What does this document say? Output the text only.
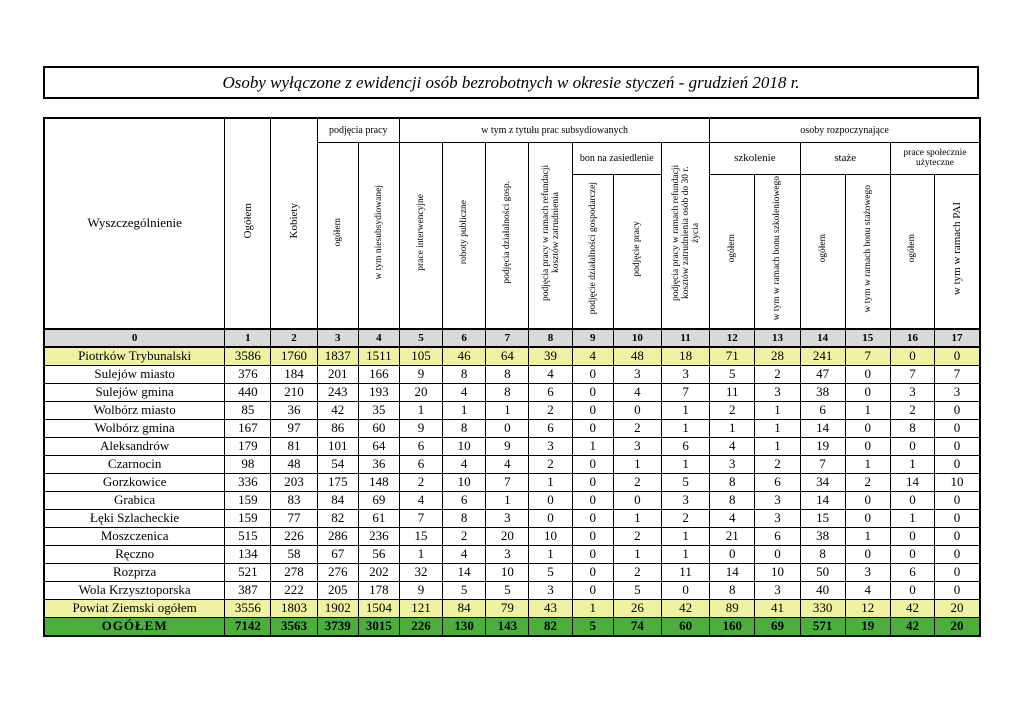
Osoby wyłączone z ewidencji osób bezrobotnych w okresie styczeń - grudzień 2018 r.
Wyszczególnienie	Ogółem	Kobiety	podjęcia pracy		w tym z tytułu prac subsydiowanych							osoby rozpoczynające					
			ogółem	w tym niesubsydiowanej	prace interwencyjne	roboty publiczne	podjęcia działalności gosp.	podjęcia pracy w ramach refundacji kosztów zatrudnienia	bon na zasiedlenie		podjęcia pracy w ramach refundacji kosztów zatrudnienia osób do 30 r. życia	szkolenie		staże		prace społecznie użyteczne	
									podjęcie działalności gospodarczej	podjęcie pracy		ogółem	w tym w ramach bonu szkoleniowego	ogółem	w tym w ramach bonu stażowego	ogółem	w tym w ramach PAI
0	1	2	3	4	5	6	7	8	9	10	11	12	13	14	15	16	17
Piotrków Trybunalski	3586	1760	1837	1511	105	46	64	39	4	48	18	71	28	241	7	0	0
Sulejów miasto	376	184	201	166	9	8	8	4	0	3	3	5	2	47	0	7	7
Sulejów gmina	440	210	243	193	20	4	8	6	0	4	7	11	3	38	0	3	3
Wolbórz miasto	85	36	42	35	1	1	1	2	0	0	1	2	1	6	1	2	0
Wolbórz gmina	167	97	86	60	9	8	0	6	0	2	1	1	1	14	0	8	0
Aleksandrów	179	81	101	64	6	10	9	3	1	3	6	4	1	19	0	0	0
Czarnocin	98	48	54	36	6	4	4	2	0	1	1	3	2	7	1	1	0
Gorzkowice	336	203	175	148	2	10	7	1	0	2	5	8	6	34	2	14	10
Grabica	159	83	84	69	4	6	1	0	0	0	3	8	3	14	0	0	0
Łęki Szlacheckie	159	77	82	61	7	8	3	0	0	1	2	4	3	15	0	1	0
Moszczenica	515	226	286	236	15	2	20	10	0	2	1	21	6	38	1	0	0
Ręczno	134	58	67	56	1	4	3	1	0	1	1	0	0	8	0	0	0
Rozprza	521	278	276	202	32	14	10	5	0	2	11	14	10	50	3	6	0
Wola Krzysztoporska	387	222	205	178	9	5	5	3	0	5	0	8	3	40	4	0	0
Powiat Ziemski ogółem	3556	1803	1902	1504	121	84	79	43	1	26	42	89	41	330	12	42	20
OGÓŁEM	7142	3563	3739	3015	226	130	143	82	5	74	60	160	69	571	19	42	20
